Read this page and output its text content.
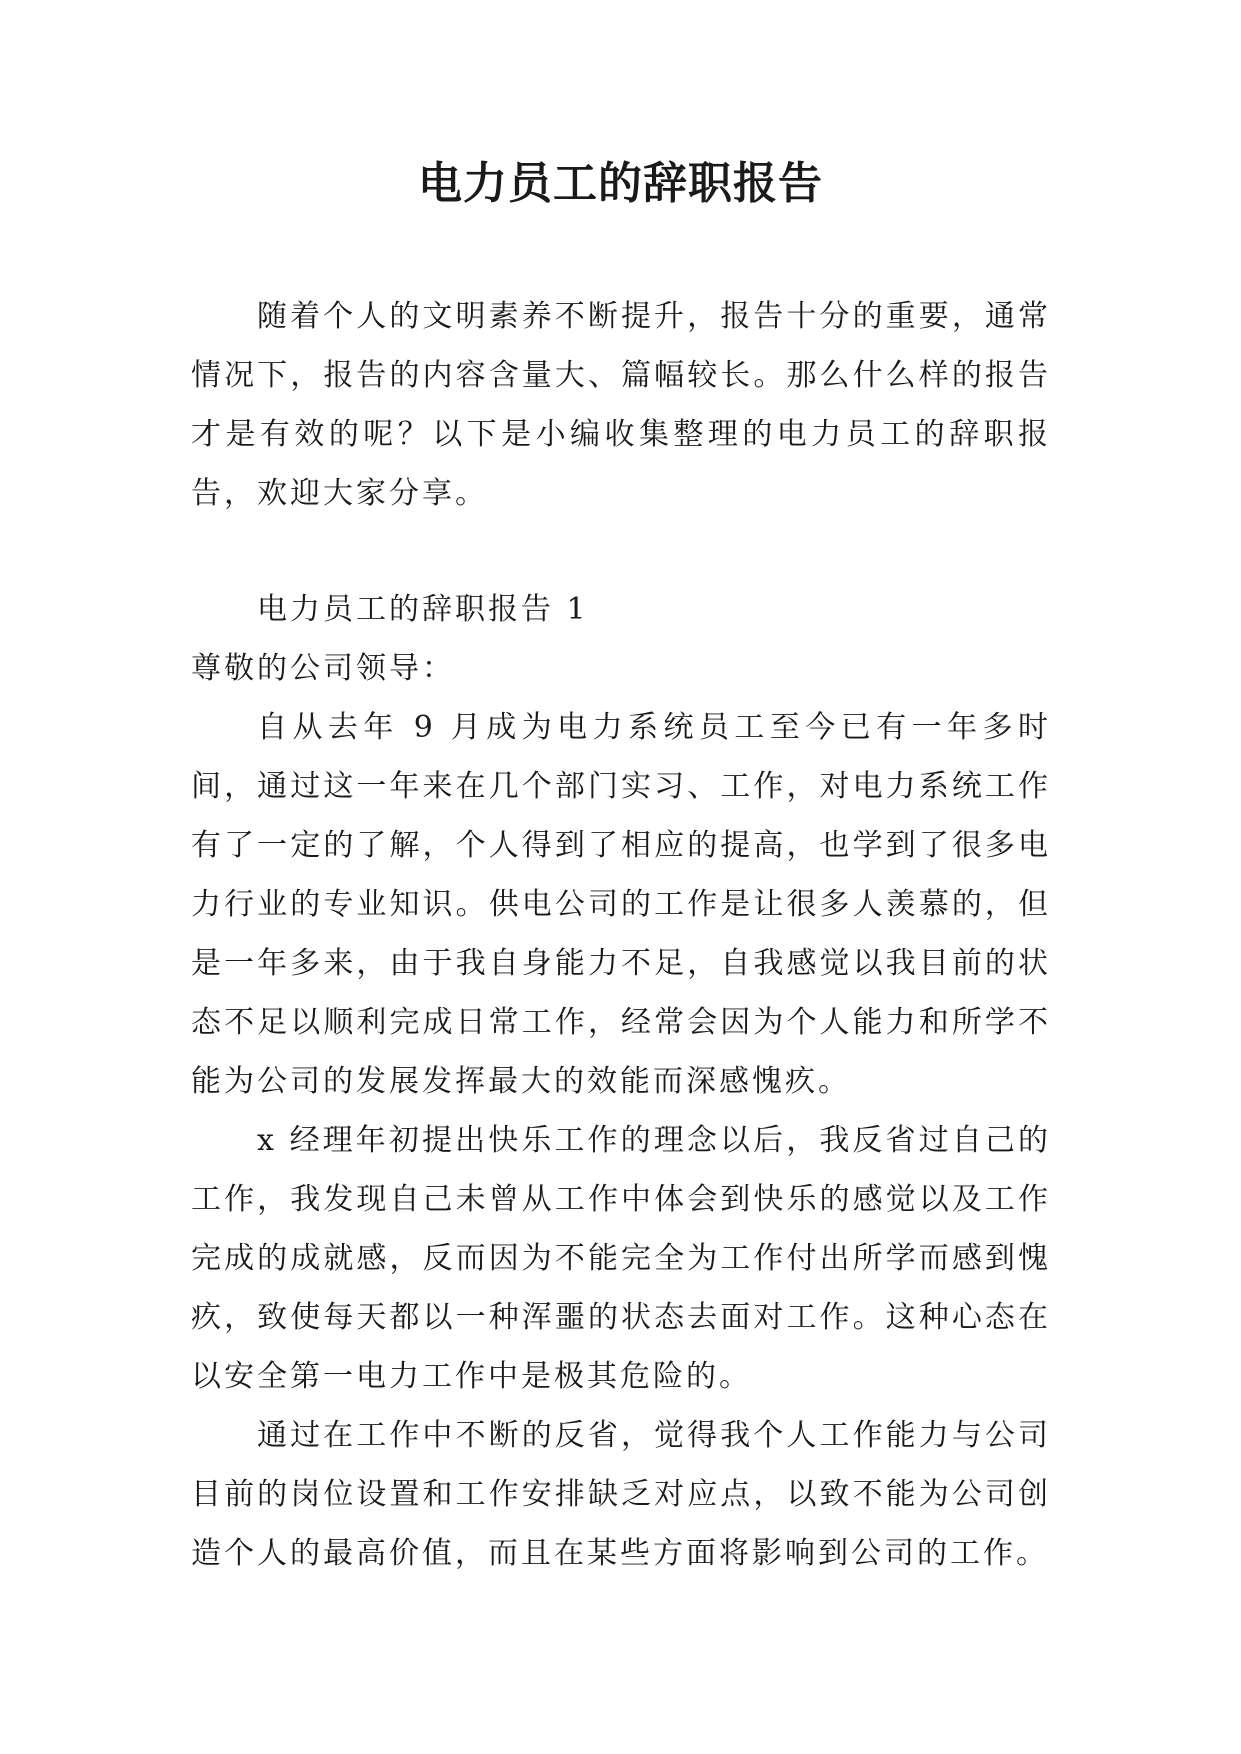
电力员工的辞职报告

随着个人的文明素养不断提升，报告十分的重要，通常情况下，报告的内容含量大、篇幅较长。那么什么样的报告才是有效的呢？以下是小编收集整理的电力员工的辞职报告，欢迎大家分享。

电力员工的辞职报告 1

尊敬的公司领导：

自从去年 9 月成为电力系统员工至今已有一年多时间，通过这一年来在几个部门实习、工作，对电力系统工作有了一定的了解，个人得到了相应的提高，也学到了很多电力行业的专业知识。供电公司的工作是让很多人羡慕的，但是一年多来，由于我自身能力不足，自我感觉以我目前的状态不足以顺利完成日常工作，经常会因为个人能力和所学不能为公司的发展发挥最大的效能而深感愧疚。

x 经理年初提出快乐工作的理念以后，我反省过自己的工作，我发现自己未曾从工作中体会到快乐的感觉以及工作完成的成就感，反而因为不能完全为工作付出所学而感到愧疚，致使每天都以一种浑噩的状态去面对工作。这种心态在以安全第一电力工作中是极其危险的。

通过在工作中不断的反省，觉得我个人工作能力与公司目前的岗位设置和工作安排缺乏对应点，以致不能为公司创造个人的最高价值，而且在某些方面将影响到公司的工作。
